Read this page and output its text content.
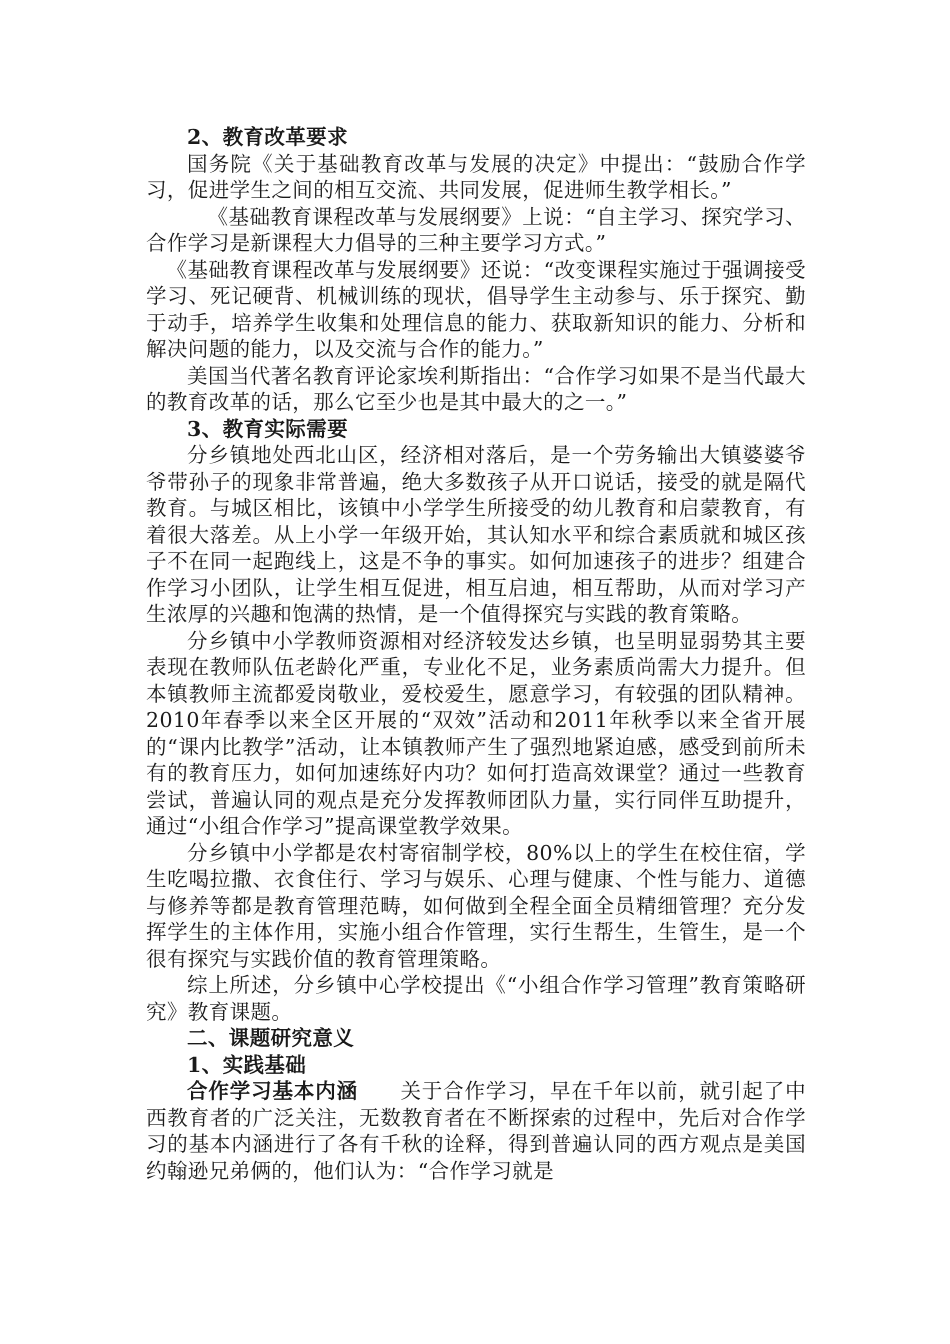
2、教育改革要求

国务院《关于基础教育改革与发展的决定》中提出：“鼓励合作学习，促进学生之间的相互交流、共同发展，促进师生教学相长。”

《基础教育课程改革与发展纲要》上说：“自主学习、探究学习、合作学习是新课程大力倡导的三种主要学习方式。”

《基础教育课程改革与发展纲要》还说：“改变课程实施过于强调接受学习、死记硬背、机械训练的现状，倡导学生主动参与、乐于探究、勤于动手，培养学生收集和处理信息的能力、获取新知识的能力、分析和解决问题的能力，以及交流与合作的能力。”

美国当代著名教育评论家埃利斯指出：“合作学习如果不是当代最大的教育改革的话，那么它至少也是其中最大的之一。”

3、教育实际需要

分乡镇地处西北山区，经济相对落后，是一个劳务输出大镇婆婆爷爷带孙子的现象非常普遍，绝大多数孩子从开口说话，接受的就是隔代教育。与城区相比，该镇中小学学生所接受的幼儿教育和启蒙教育，有着很大落差。从上小学一年级开始，其认知水平和综合素质就和城区孩子不在同一起跑线上，这是不争的事实。如何加速孩子的进步？组建合作学习小团队，让学生相互促进，相互启迪，相互帮助，从而对学习产生浓厚的兴趣和饱满的热情，是一个值得探究与实践的教育策略。

分乡镇中小学教师资源相对经济较发达乡镇，也呈明显弱势其主要表现在教师队伍老龄化严重，专业化不足，业务素质尚需大力提升。但本镇教师主流都爱岗敬业，爱校爱生，愿意学习，有较强的团队精神。2010年春季以来全区开展的“双效”活动和2011年秋季以来全省开展的“课内比教学”活动，让本镇教师产生了强烈地紧迫感，感受到前所未有的教育压力，如何加速练好内功？如何打造高效课堂？通过一些教育尝试，普遍认同的观点是充分发挥教师团队力量，实行同伴互助提升，通过“小组合作学习”提高课堂教学效果。

分乡镇中小学都是农村寄宿制学校，80%以上的学生在校住宿，学生吃喝拉撒、衣食住行、学习与娱乐、心理与健康、个性与能力、道德与修养等都是教育管理范畴，如何做到全程全面全员精细管理？充分发挥学生的主体作用，实施小组合作管理，实行生帮生，生管生，是一个很有探究与实践价值的教育管理策略。

综上所述，分乡镇中心学校提出《“小组合作学习管理”教育策略研究》教育课题。

二、课题研究意义

1、实践基础

合作学习基本内涵 关于合作学习，早在千年以前，就引起了中西教育者的广泛关注，无数教育者在不断探索的过程中，先后对合作学习的基本内涵进行了各有千秋的诠释，得到普遍认同的西方观点是美国约翰逊兄弟俩的，他们认为：“合作学习就是
